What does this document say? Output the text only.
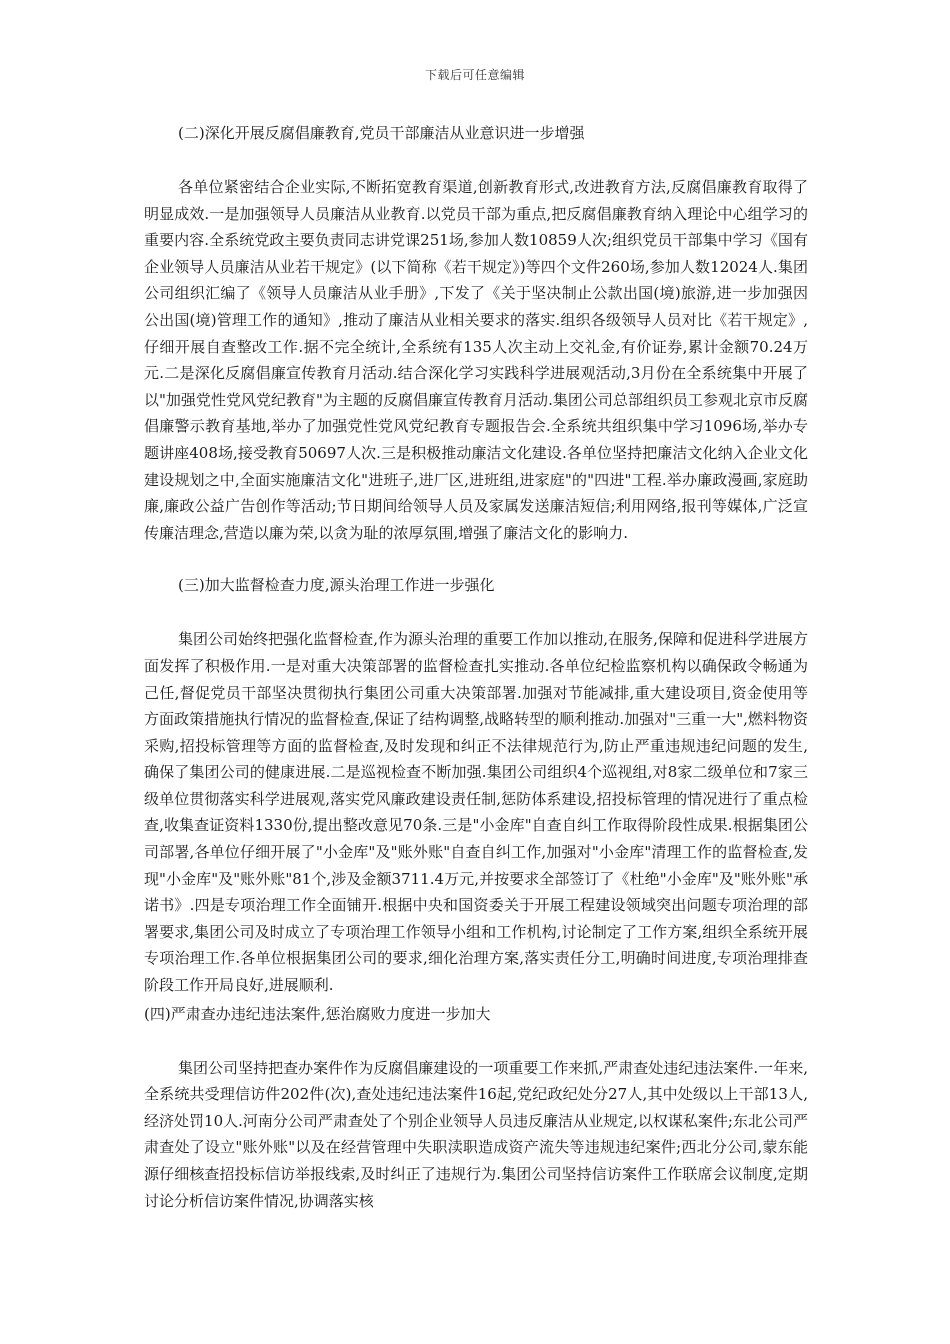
下载后可任意编辑

(二)深化开展反腐倡廉教育,党员干部廉洁从业意识进一步增强

各单位紧密结合企业实际,不断拓宽教育渠道,创新教育形式,改进教育方法,反腐倡廉教育取得了明显成效.一是加强领导人员廉洁从业教育.以党员干部为重点,把反腐倡廉教育纳入理论中心组学习的重要内容.全系统党政主要负责同志讲党课251场,参加人数10859人次;组织党员干部集中学习《国有企业领导人员廉洁从业若干规定》(以下简称《若干规定》)等四个文件260场,参加人数12024人.集团公司组织汇编了《领导人员廉洁从业手册》,下发了《关于坚决制止公款出国(境)旅游,进一步加强因公出国(境)管理工作的通知》,推动了廉洁从业相关要求的落实.组织各级领导人员对比《若干规定》,仔细开展自查整改工作.据不完全统计,全系统有135人次主动上交礼金,有价证券,累计金额70.24万元.二是深化反腐倡廉宣传教育月活动.结合深化学习实践科学进展观活动,3月份在全系统集中开展了以"加强党性党风党纪教育"为主题的反腐倡廉宣传教育月活动.集团公司总部组织员工参观北京市反腐倡廉警示教育基地,举办了加强党性党风党纪教育专题报告会.全系统共组织集中学习1096场,举办专题讲座408场,接受教育50697人次.三是积极推动廉洁文化建设.各单位坚持把廉洁文化纳入企业文化建设规划之中,全面实施廉洁文化"进班子,进厂区,进班组,进家庭"的"四进"工程.举办廉政漫画,家庭助廉,廉政公益广告创作等活动;节日期间给领导人员及家属发送廉洁短信;利用网络,报刊等媒体,广泛宣传廉洁理念,营造以廉为荣,以贪为耻的浓厚氛围,增强了廉洁文化的影响力.

(三)加大监督检查力度,源头治理工作进一步强化

集团公司始终把强化监督检查,作为源头治理的重要工作加以推动,在服务,保障和促进科学进展方面发挥了积极作用.一是对重大决策部署的监督检查扎实推动.各单位纪检监察机构以确保政令畅通为己任,督促党员干部坚决贯彻执行集团公司重大决策部署.加强对节能减排,重大建设项目,资金使用等方面政策措施执行情况的监督检查,保证了结构调整,战略转型的顺利推动.加强对"三重一大",燃料物资采购,招投标管理等方面的监督检查,及时发现和纠正不法律规范行为,防止严重违规违纪问题的发生,确保了集团公司的健康进展.二是巡视检查不断加强.集团公司组织4个巡视组,对8家二级单位和7家三级单位贯彻落实科学进展观,落实党风廉政建设责任制,惩防体系建设,招投标管理的情况进行了重点检查,收集查证资料1330份,提出整改意见70条.三是"小金库"自查自纠工作取得阶段性成果.根据集团公司部署,各单位仔细开展了"小金库"及"账外账"自查自纠工作,加强对"小金库"清理工作的监督检查,发现"小金库"及"账外账"81个,涉及金额3711.4万元,并按要求全部签订了《杜绝"小金库"及"账外账"承诺书》.四是专项治理工作全面铺开.根据中央和国资委关于开展工程建设领域突出问题专项治理的部署要求,集团公司及时成立了专项治理工作领导小组和工作机构,讨论制定了工作方案,组织全系统开展专项治理工作.各单位根据集团公司的要求,细化治理方案,落实责任分工,明确时间进度,专项治理排查阶段工作开局良好,进展顺利.

(四)严肃查办违纪违法案件,惩治腐败力度进一步加大

集团公司坚持把查办案件作为反腐倡廉建设的一项重要工作来抓,严肃查处违纪违法案件.一年来,全系统共受理信访件202件(次),查处违纪违法案件16起,党纪政纪处分27人,其中处级以上干部13人,经济处罚10人.河南分公司严肃查处了个别企业领导人员违反廉洁从业规定,以权谋私案件;东北公司严肃查处了设立"账外账"以及在经营管理中失职渎职造成资产流失等违规违纪案件;西北分公司,蒙东能源仔细核查招投标信访举报线索,及时纠正了违规行为.集团公司坚持信访案件工作联席会议制度,定期讨论分析信访案件情况,协调落实核
